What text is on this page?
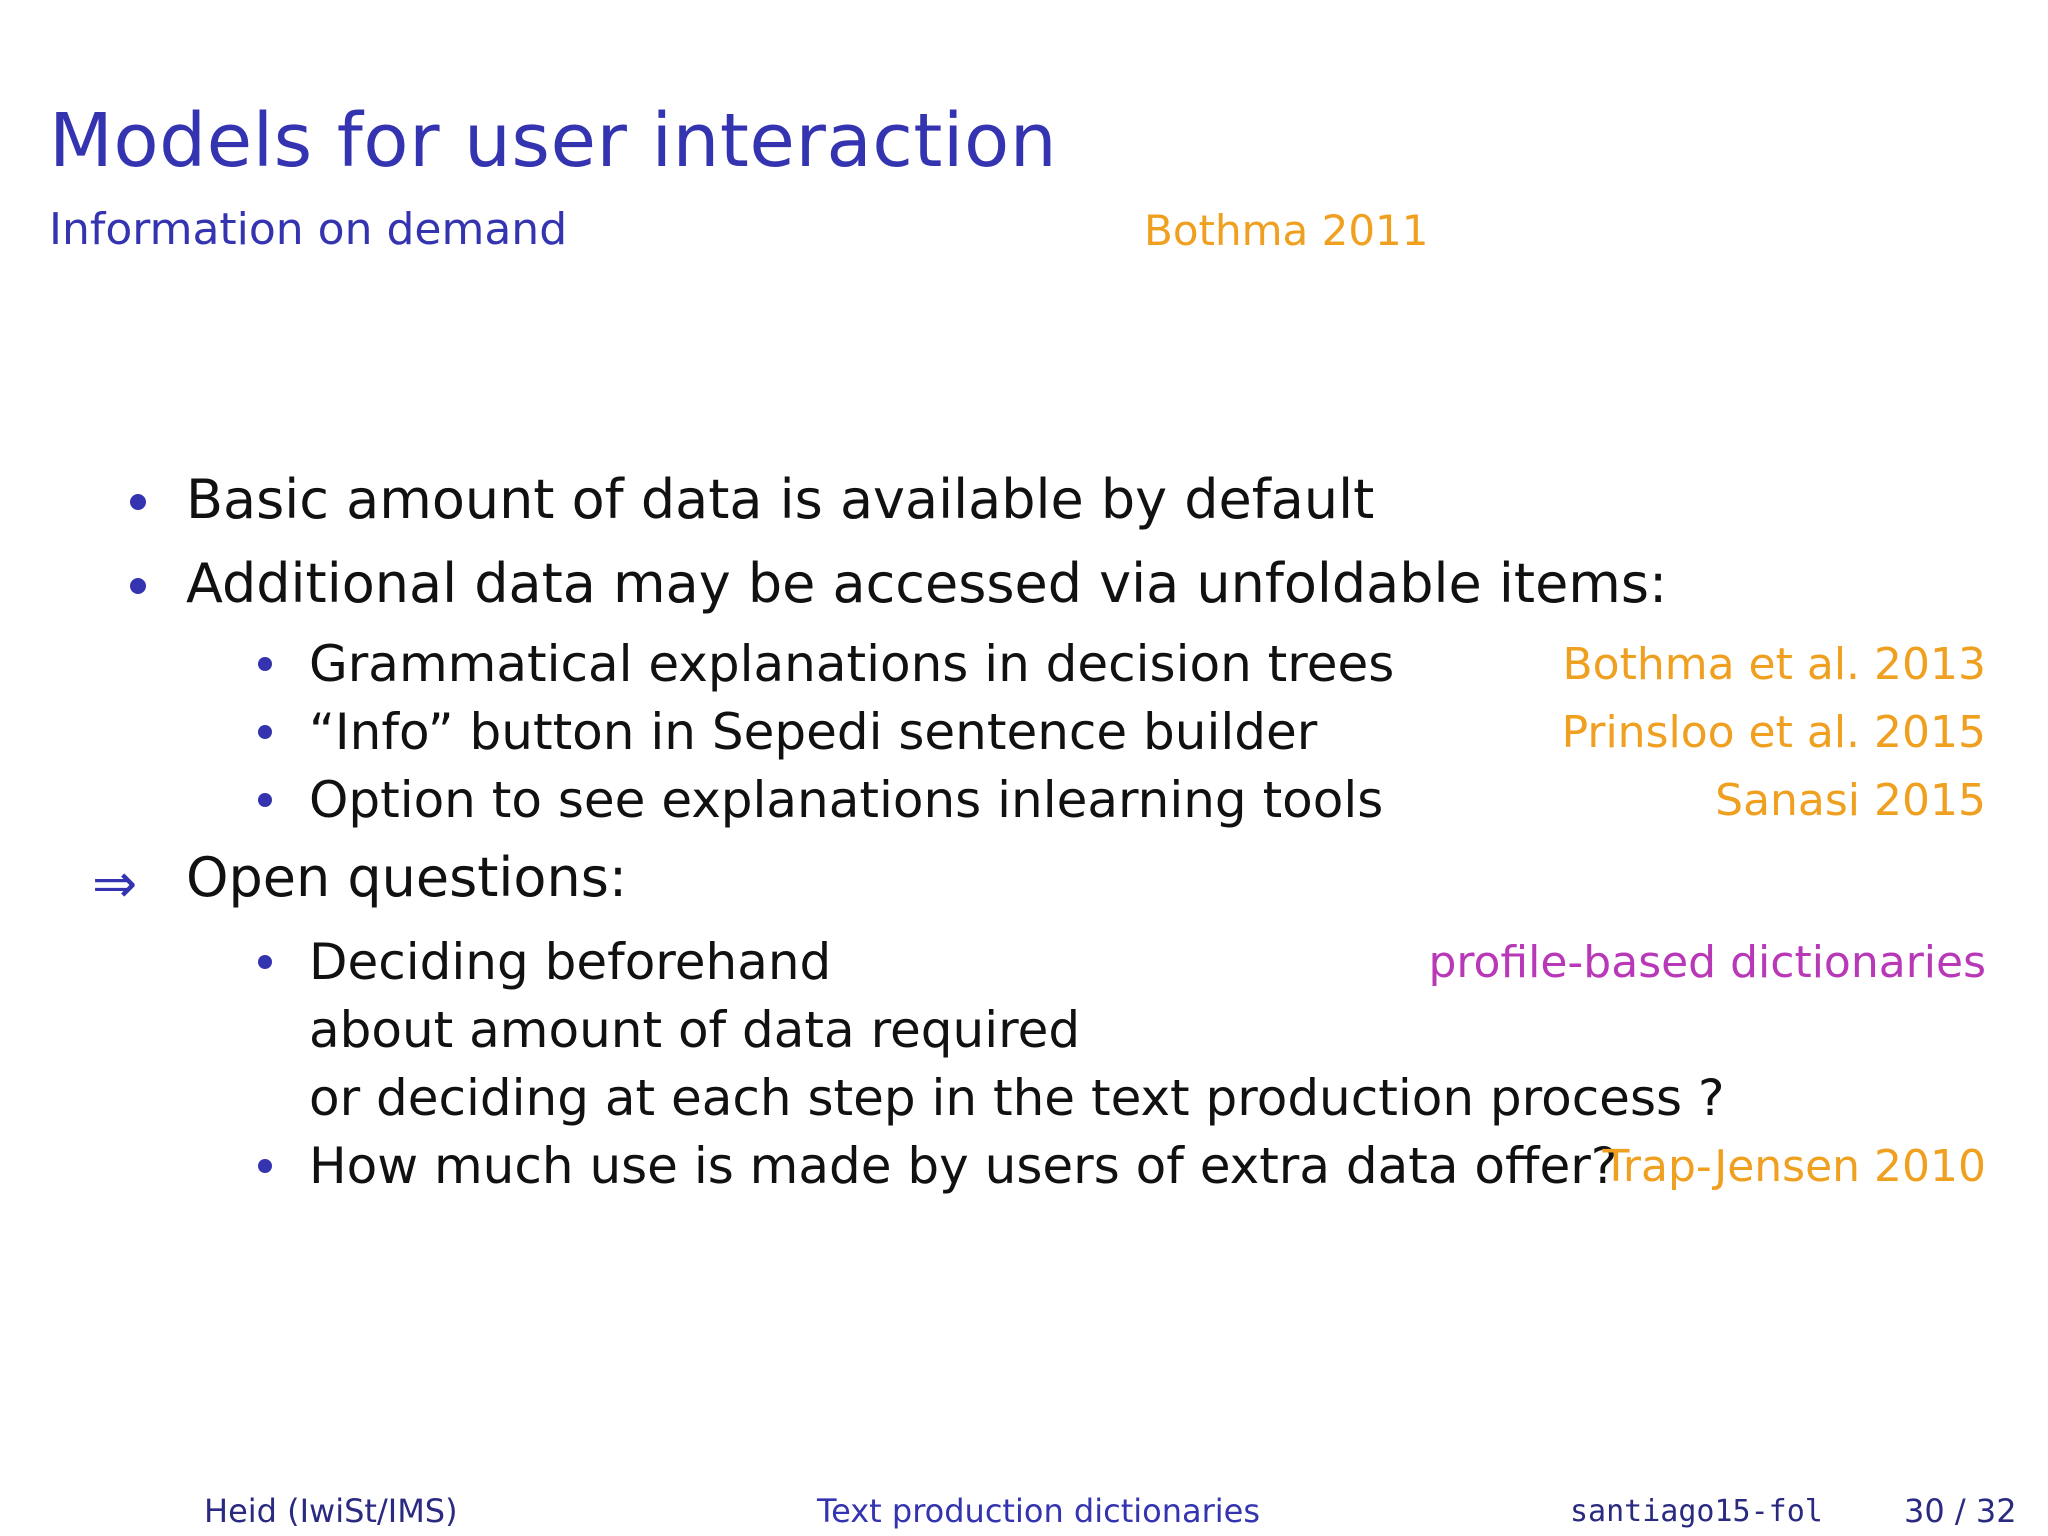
Models for user interaction
Information on demand	Bothma 2011
Basic amount of data is available by default
Additional data may be accessed via unfoldable items:
Grammatical explanations in decision trees	Bothma et al. 2013
“Info” button in Sepedi sentence builder	Prinsloo et al. 2015
Option to see explanations inlearning tools	Sanasi 2015
⇒ Open questions:
Deciding beforehand	profile-based dictionaries
about amount of data required
or deciding at each step in the text production process ?
How much use is made by users of extra data offer?
Trap-Jensen 2010
Heid (IwiSt/IMS)	Text production dictionaries	santiago15-fol	30 / 32
